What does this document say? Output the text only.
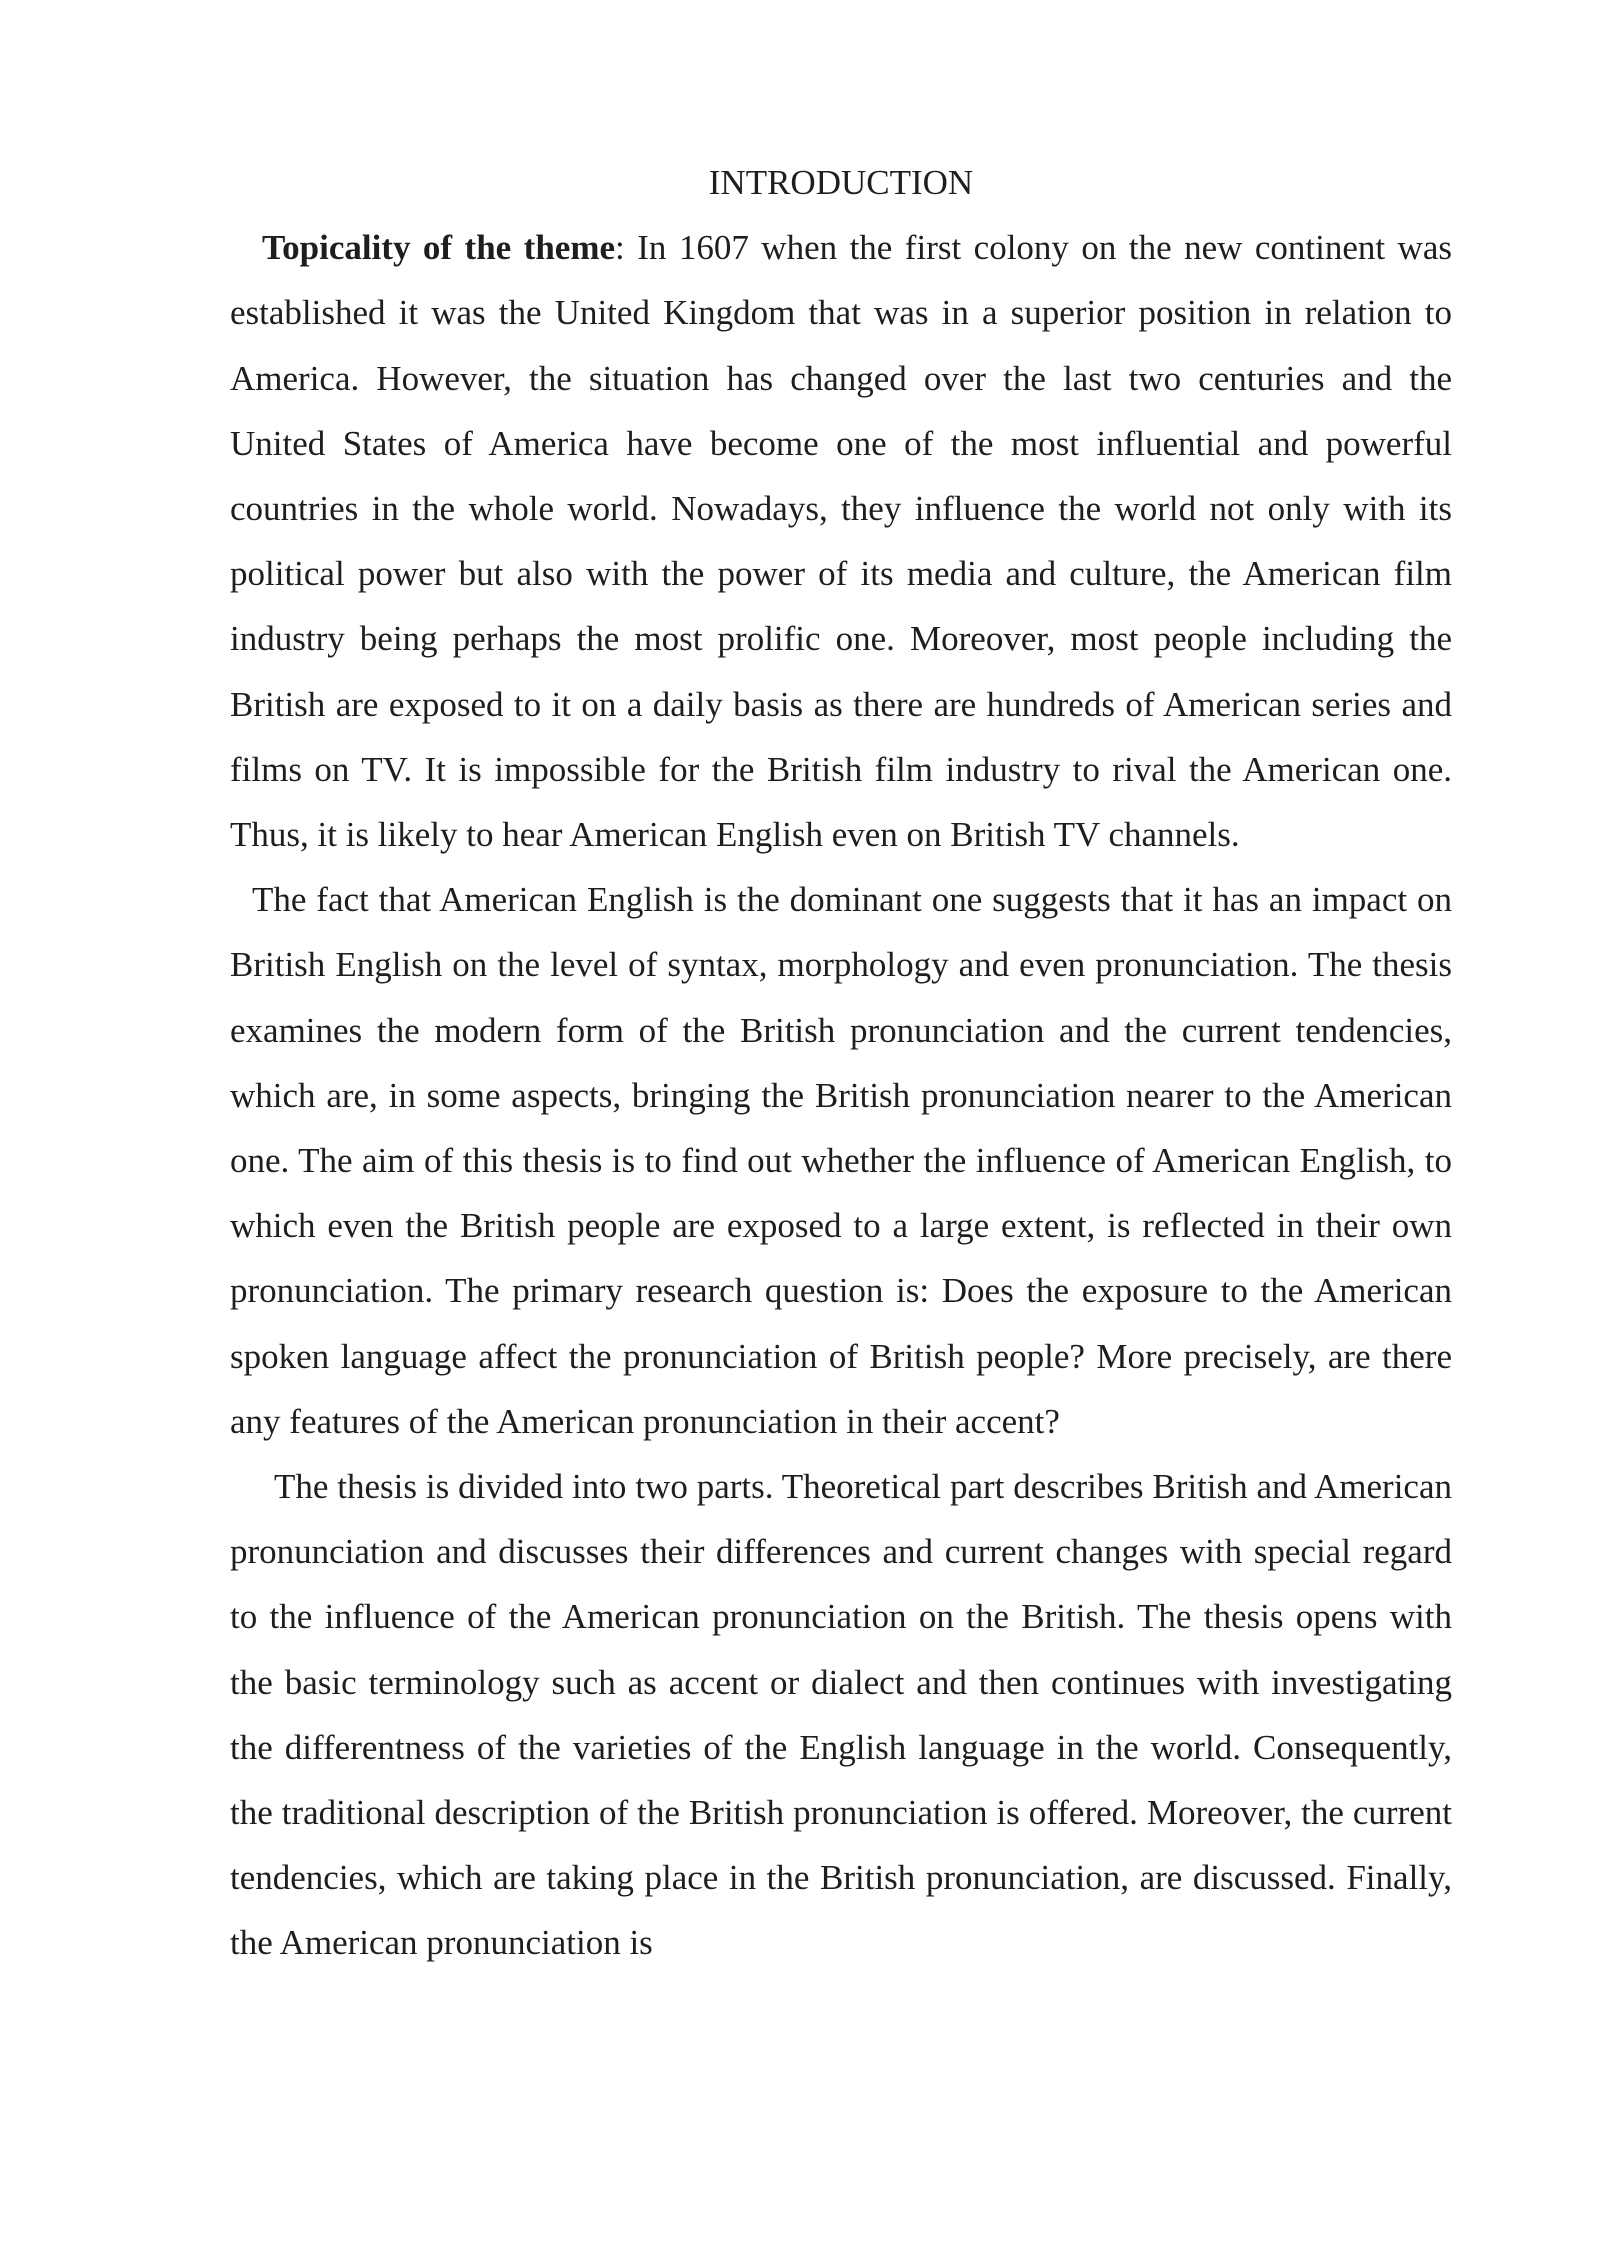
INTRODUCTION

Topicality of the theme: In 1607 when the first colony on the new continent was established it was the United Kingdom that was in a superior position in relation to America. However, the situation has changed over the last two centuries and the United States of America have become one of the most influential and powerful countries in the whole world. Nowadays, they influence the world not only with its political power but also with the power of its media and culture, the American film industry being perhaps the most prolific one. Moreover, most people including the British are exposed to it on a daily basis as there are hundreds of American series and films on TV. It is impossible for the British film industry to rival the American one. Thus, it is likely to hear American English even on British TV channels.

The fact that American English is the dominant one suggests that it has an impact on British English on the level of syntax, morphology and even pronunciation. The thesis examines the modern form of the British pronunciation and the current tendencies, which are, in some aspects, bringing the British pronunciation nearer to the American one. The aim of this thesis is to find out whether the influence of American English, to which even the British people are exposed to a large extent, is reflected in their own pronunciation. The primary research question is: Does the exposure to the American spoken language affect the pronunciation of British people? More precisely, are there any features of the American pronunciation in their accent?

The thesis is divided into two parts. Theoretical part describes British and American pronunciation and discusses their differences and current changes with special regard to the influence of the American pronunciation on the British. The thesis opens with the basic terminology such as accent or dialect and then continues with investigating the differentness of the varieties of the English language in the world. Consequently, the traditional description of the British pronunciation is offered. Moreover, the current tendencies, which are taking place in the British pronunciation, are discussed. Finally, the American pronunciation is
